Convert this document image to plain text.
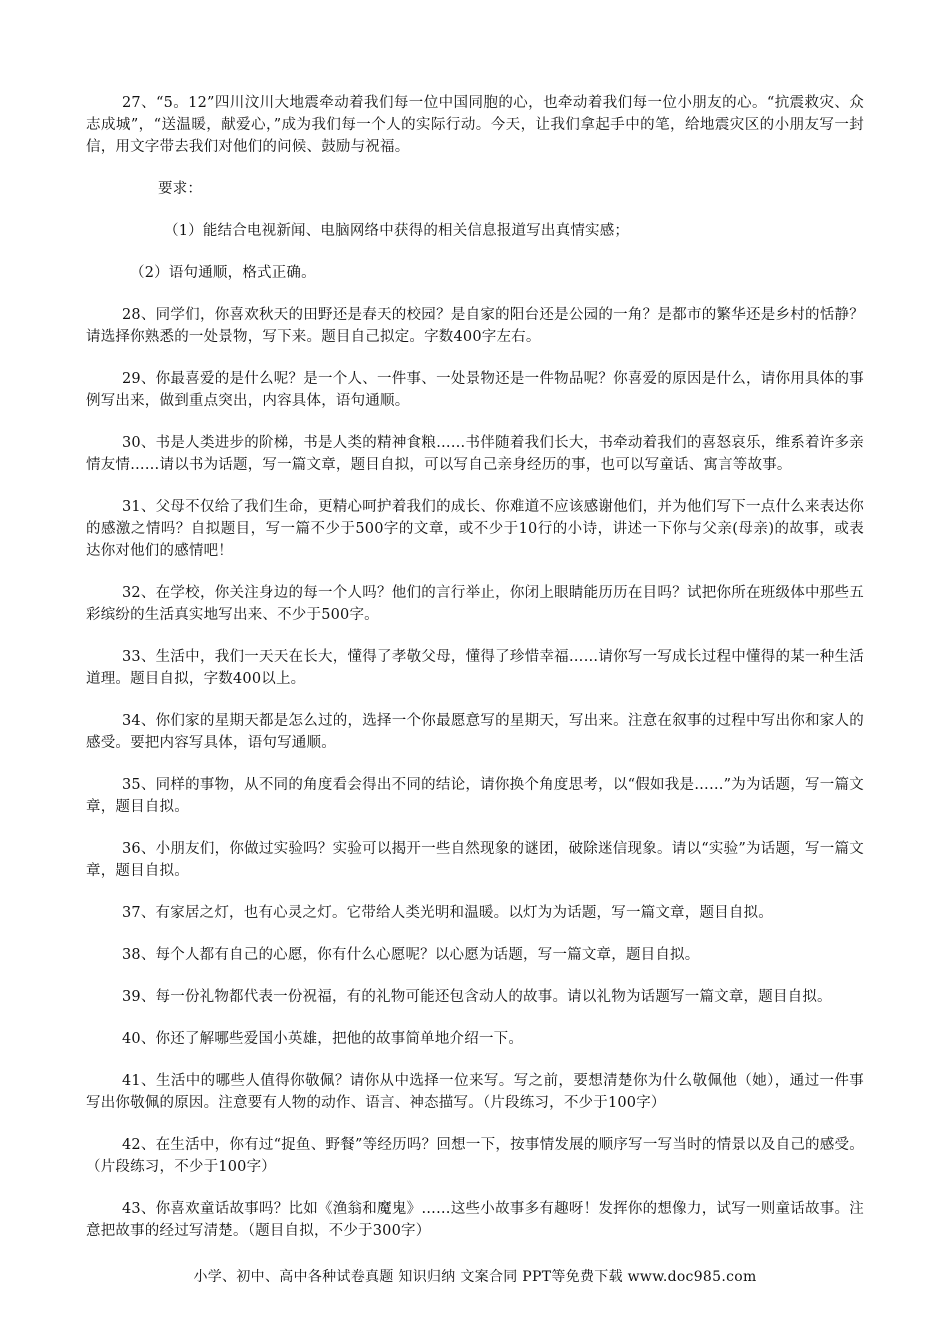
27、“5。12”四川汶川大地震牵动着我们每一位中国同胞的心，也牵动着我们每一位小朋友的心。“抗震救灾、众志成城”，“送温暖，献爱心，”成为我们每一个人的实际行动。今天，让我们拿起手中的笔，给地震灾区的小朋友写一封信，用文字带去我们对他们的问候、鼓励与祝福。

要求：

（1）能结合电视新闻、电脑网络中获得的相关信息报道写出真情实感；

（2）语句通顺，格式正确。

28、同学们，你喜欢秋天的田野还是春天的校园？是自家的阳台还是公园的一角？是都市的繁华还是乡村的恬静？请选择你熟悉的一处景物，写下来。题目自己拟定。字数400字左右。

29、你最喜爱的是什么呢？是一个人、一件事、一处景物还是一件物品呢？你喜爱的原因是什么，请你用具体的事例写出来，做到重点突出，内容具体，语句通顺。

30、书是人类进步的阶梯，书是人类的精神食粮……书伴随着我们长大，书牵动着我们的喜怒哀乐，维系着许多亲情友情……请以书为话题，写一篇文章，题目自拟，可以写自己亲身经历的事，也可以写童话、寓言等故事。

31、父母不仅给了我们生命，更精心呵护着我们的成长、你难道不应该感谢他们，并为他们写下一点什么来表达你的感激之情吗？自拟题目，写一篇不少于500字的文章，或不少于10行的小诗，讲述一下你与父亲(母亲)的故事，或表达你对他们的感情吧！

32、在学校，你关注身边的每一个人吗？他们的言行举止，你闭上眼睛能历历在目吗？试把你所在班级体中那些五彩缤纷的生活真实地写出来、不少于500字。

33、生活中，我们一天天在长大，懂得了孝敬父母，懂得了珍惜幸福……请你写一写成长过程中懂得的某一种生活道理。题目自拟，字数400以上。

34、你们家的星期天都是怎么过的，选择一个你最愿意写的星期天，写出来。注意在叙事的过程中写出你和家人的感受。要把内容写具体，语句写通顺。

35、同样的事物，从不同的角度看会得出不同的结论，请你换个角度思考，以“假如我是……”为为话题，写一篇文章，题目自拟。

36、小朋友们，你做过实验吗？实验可以揭开一些自然现象的谜团，破除迷信现象。请以“实验”为话题，写一篇文章，题目自拟。

37、有家居之灯，也有心灵之灯。它带给人类光明和温暖。以灯为为话题，写一篇文章，题目自拟。

38、每个人都有自己的心愿，你有什么心愿呢？以心愿为话题，写一篇文章，题目自拟。

39、每一份礼物都代表一份祝福，有的礼物可能还包含动人的故事。请以礼物为话题写一篇文章，题目自拟。

40、你还了解哪些爱国小英雄，把他的故事简单地介绍一下。

41、生活中的哪些人值得你敬佩？请你从中选择一位来写。写之前，要想清楚你为什么敬佩他（她），通过一件事写出你敬佩的原因。注意要有人物的动作、语言、神态描写。（片段练习，不少于100字）

42、在生活中，你有过“捉鱼、野餐”等经历吗？回想一下，按事情发展的顺序写一写当时的情景以及自己的感受。（片段练习，不少于100字）

43、你喜欢童话故事吗？比如《渔翁和魔鬼》……这些小故事多有趣呀！发挥你的想像力，试写一则童话故事。注意把故事的经过写清楚。（题目自拟，不少于300字）

小学、初中、高中各种试卷真题 知识归纳 文案合同 PPT等免费下载 www.doc985.com
